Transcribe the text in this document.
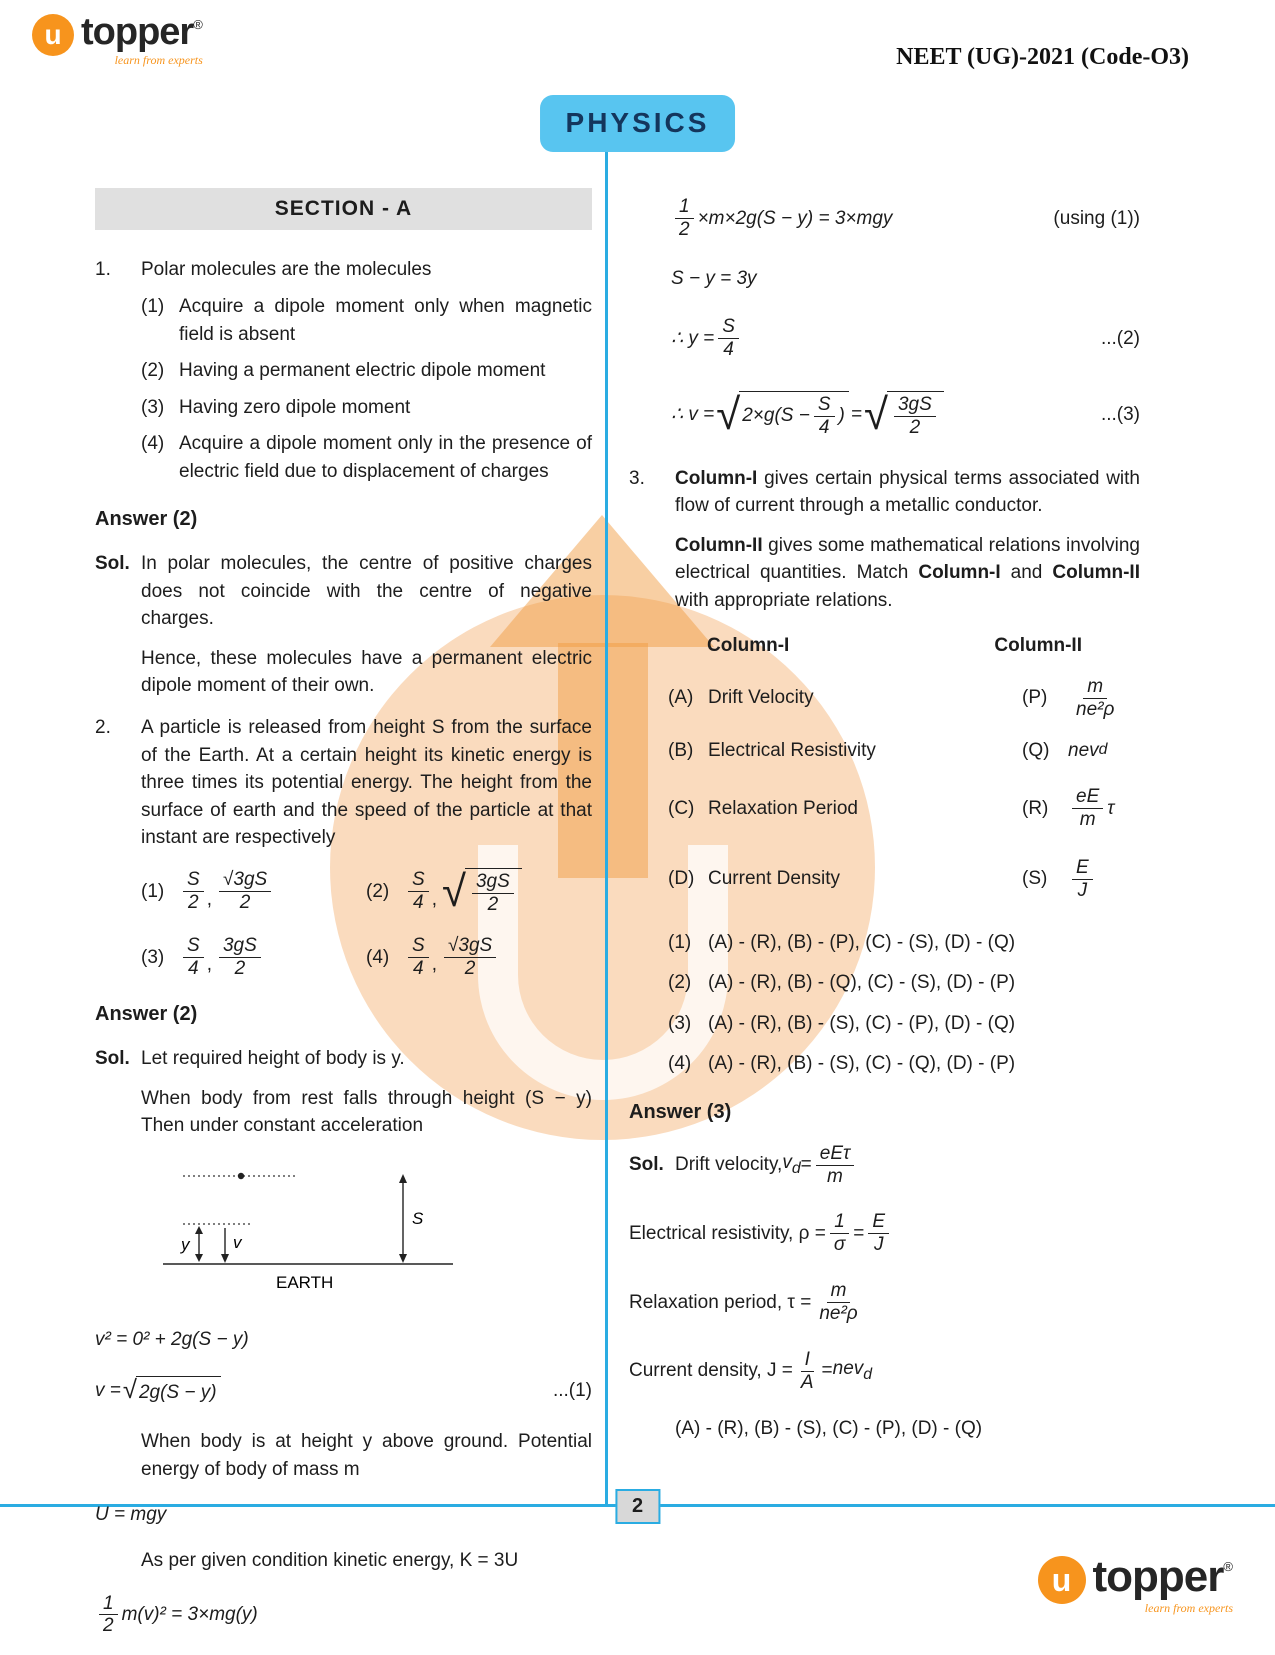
u topper ®
learn from experts	NEET (UG)-2021 (Code-O3)
PHYSICS
SECTION - A
1.	Polar molecules are the molecules
(1) Acquire a dipole moment only when magnetic field is absent
(2) Having a permanent electric dipole moment
(3) Having zero dipole moment
(4) Acquire a dipole moment only in the presence of electric field due to displacement of charges
Answer (2)
Sol. In polar molecules, the centre of positive charges does not coincide with the centre of negative charges.
Hence, these molecules have a permanent electric dipole moment of their own.
2.	A particle is released from height S from the surface of the Earth. At a certain height its kinetic energy is three times its potential energy. The height from the surface of earth and the speed of the particle at that instant are respectively
$(1) \frac{S}{2}$ , $\frac{√3gS}{2}$	$(2) \frac{S}{4}$ , √ $\frac{3gS}{2}$
$(3) \frac{S}{4}$ , $\frac{3gS}{2}$	$(4) \frac{S}{4}$ , $\frac{√3gS}{2}$
Answer (2)
Sol. Let required height of body is y.
When body from rest falls through height (S − y) Then under constant acceleration
y	v
S
EARTH
v² = 0² + 2g(S − y)
v = √ 2g(S − y)	...(1)
When body is at height y above ground. Potential energy of body of mass m
U = mgy
As per given condition kinetic energy, K = 3U
$\frac{1}{2} m(v)^2 = 3\times mg(y)$
$\frac{1}{2} \times m\times 2g(S - y) = 3\times mgy$	(using (1))
S − y = 3y
∴ $y = \frac{S}{4}$	...(2)
∴ v = √ $2\times g(S - \frac{S}{4}$ ) = √ $\frac{3gS}{2}$	...(3)
3.	Column-I gives certain physical terms associated with flow of current through a metallic conductor.
Column-II gives some mathematical relations involving electrical quantities. Match Column-I and Column-II with appropriate relations.
Column-I	Column-II
(A) Drift Velocity	(P)	$\frac{m}{\text{ne²ρ}}$
(B) Electrical Resistivity	(Q) nev d
(C) Relaxation Period	(R)	$\frac{eE}{m}$ τ
(D) Current Density	(S)	$\frac{E}{J}$
(1) (A) - (R), (B) - (P), (C) - (S), (D) - (Q)
(2) (A) - (R), (B) - (Q), (C) - (S), (D) - (P)
(3) (A) - (R), (B) - (S), (C) - (P), (D) - (Q)
(4) (A) - (R), (B) - (S), (C) - (Q), (D) - (P)
Answer (3)
Sol. Drift velocity, $v_d = \frac{\text{eEτ}}{m}$
Electrical resistivity, $\rho = \frac{1}{\sigma} = \frac{E}{J}$
Relaxation period, $\tau = \frac{m}{\text{ne²ρ}}$
Current density, $J = \frac{I}{A} = nev_d$
(A) - (R), (B) - (S), (C) - (P), (D) - (Q)
2
u topper ®
learn from experts
